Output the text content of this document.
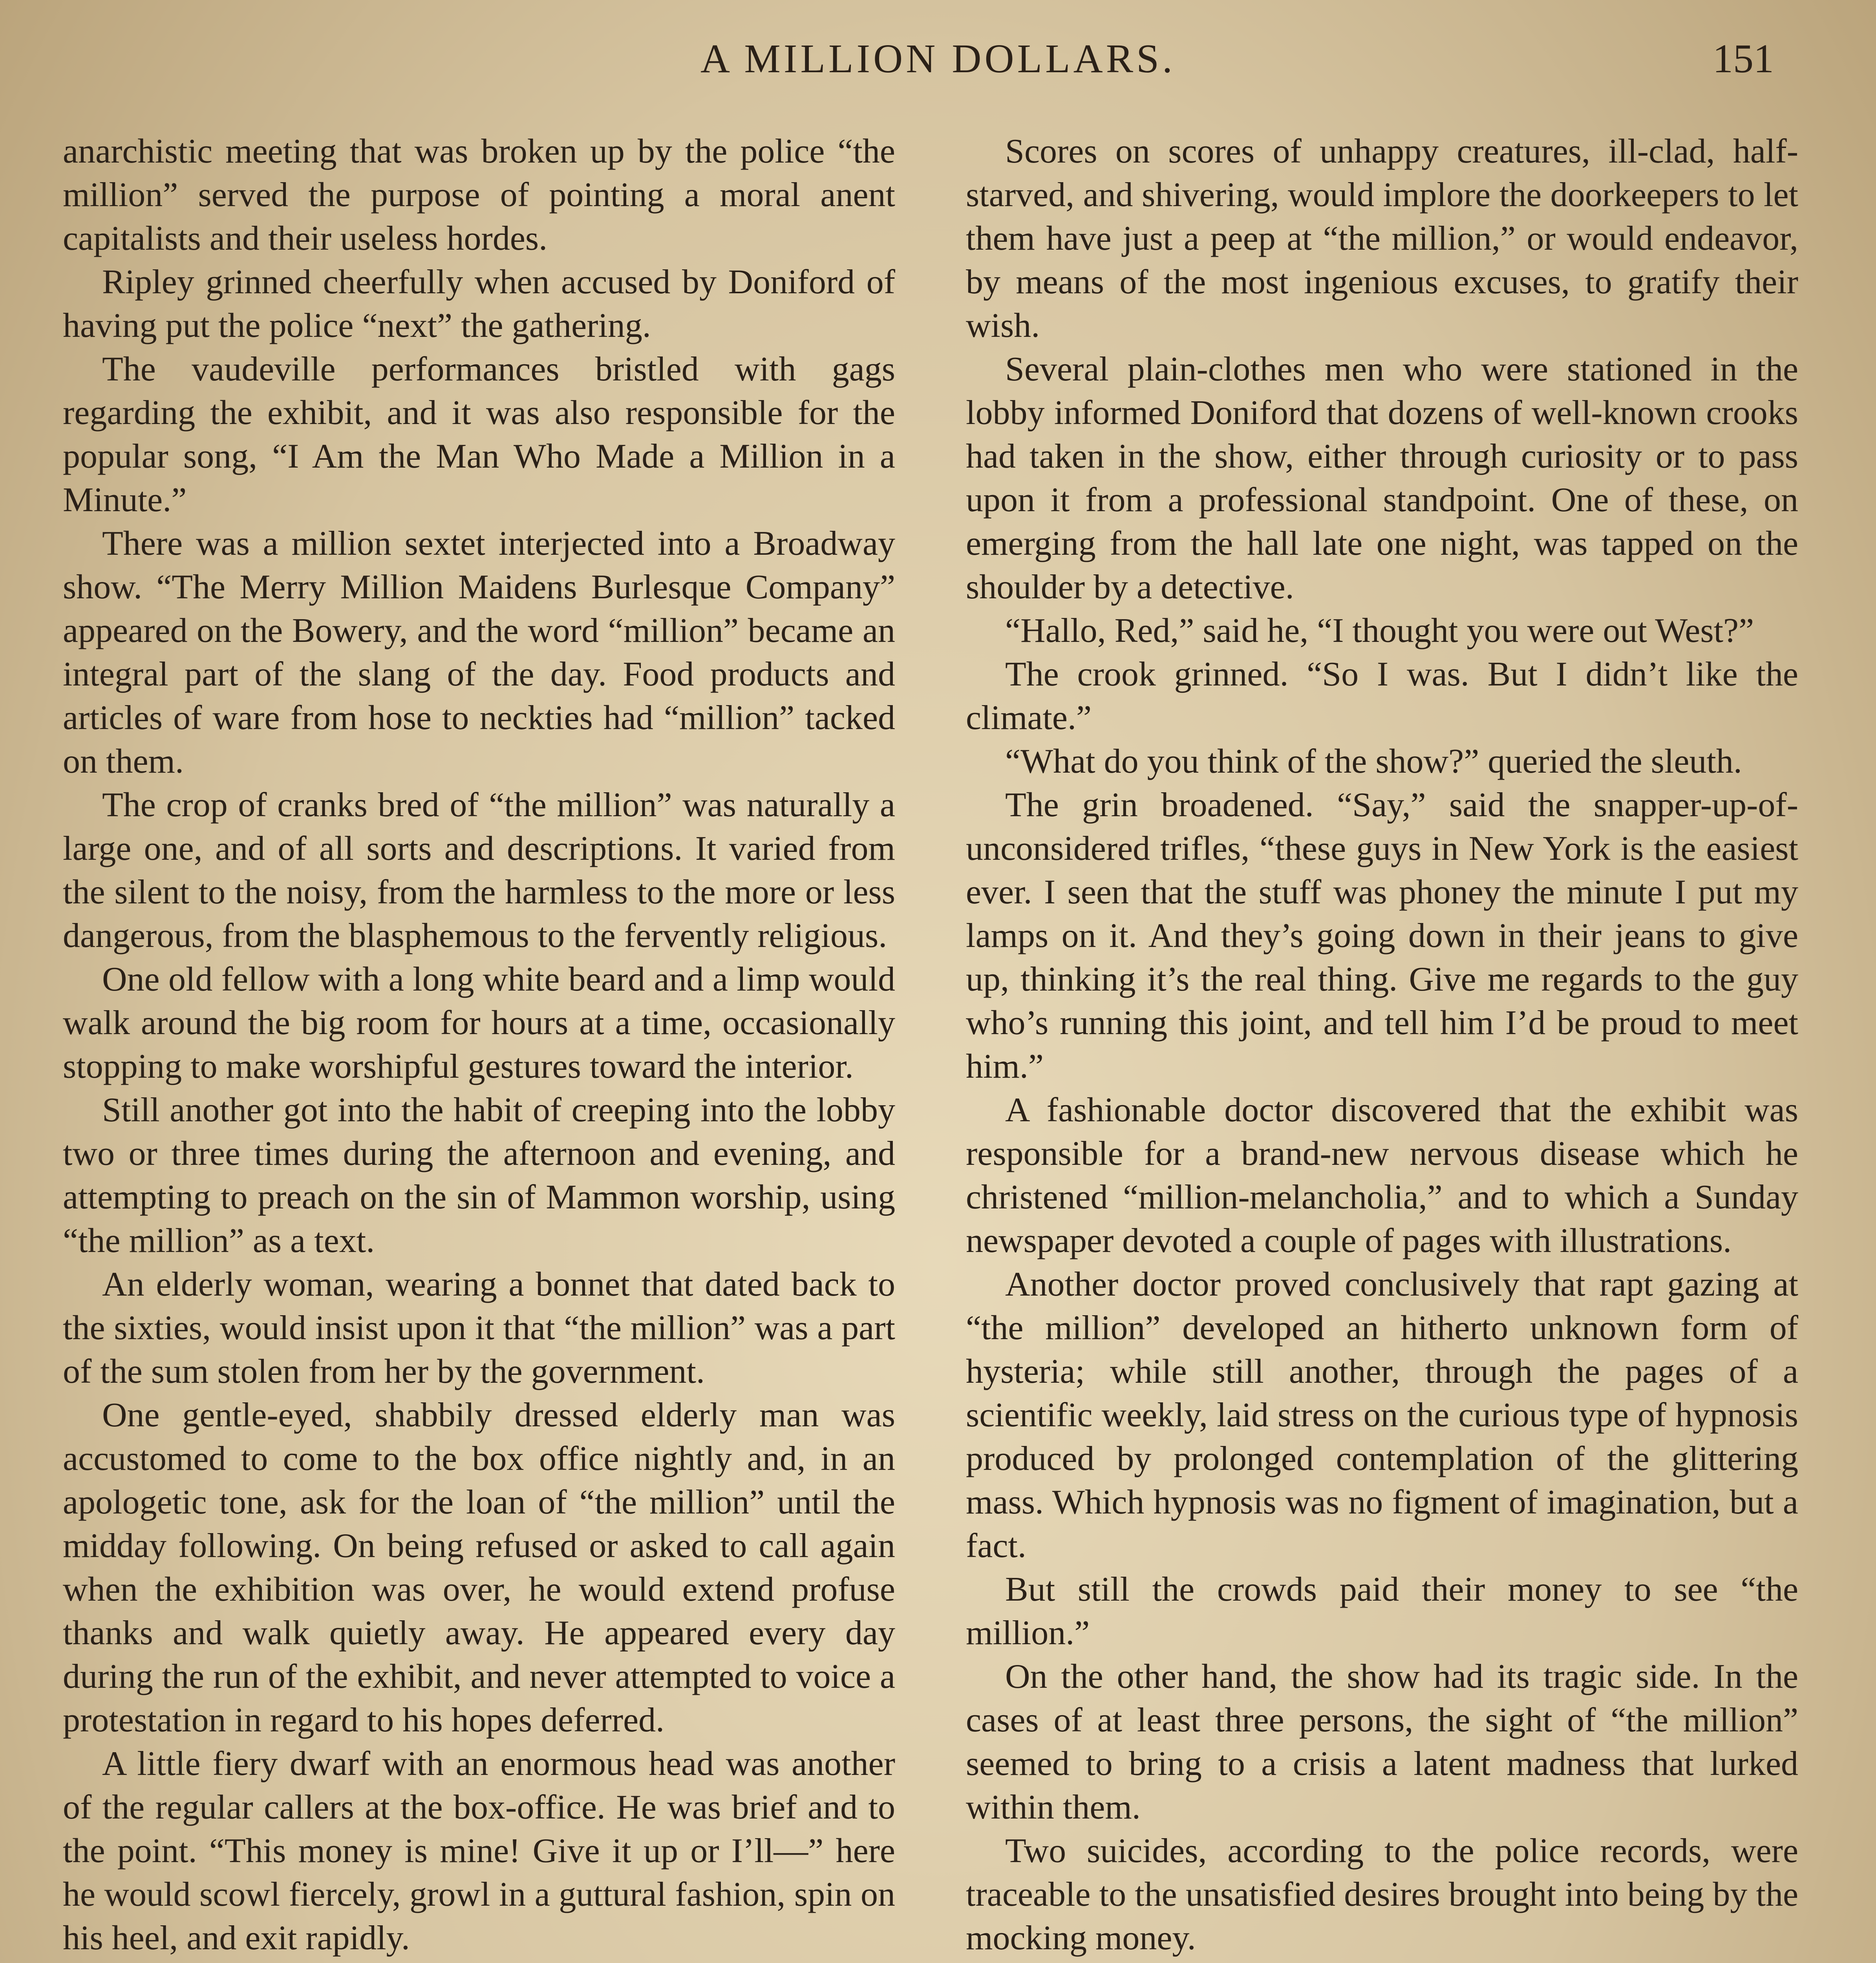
A MILLION DOLLARS.	151

anarchistic meeting that was broken up by the police “the million” served the purpose of pointing a moral anent capitalists and their useless hordes.

Ripley grinned cheerfully when accused by Doniford of having put the police “next” the gathering.

The vaudeville performances bristled with gags regarding the exhibit, and it was also responsible for the popular song, “I Am the Man Who Made a Million in a Minute.”

There was a million sextet interjected into a Broadway show. “The Merry Million Maidens Burlesque Company” appeared on the Bowery, and the word “million” became an integral part of the slang of the day. Food products and articles of ware from hose to neckties had “million” tacked on them.

The crop of cranks bred of “the million” was naturally a large one, and of all sorts and descriptions. It varied from the silent to the noisy, from the harmless to the more or less dangerous, from the blasphemous to the fervently religious.

One old fellow with a long white beard and a limp would walk around the big room for hours at a time, occasionally stopping to make worshipful gestures toward the interior.

Still another got into the habit of creeping into the lobby two or three times during the afternoon and evening, and attempting to preach on the sin of Mammon worship, using “the million” as a text.

An elderly woman, wearing a bonnet that dated back to the sixties, would insist upon it that “the million” was a part of the sum stolen from her by the government.

One gentle-eyed, shabbily dressed elderly man was accustomed to come to the box office nightly and, in an apologetic tone, ask for the loan of “the million” until the midday following. On being refused or asked to call again when the exhibition was over, he would extend profuse thanks and walk quietly away. He appeared every day during the run of the exhibit, and never attempted to voice a protestation in regard to his hopes deferred.

A little fiery dwarf with an enormous head was another of the regular callers at the box-office. He was brief and to the point. “This money is mine! Give it up or I’ll—” here he would scowl fiercely, growl in a guttural fashion, spin on his heel, and exit rapidly.

Scores on scores of unhappy creatures, ill-clad, half-starved, and shivering, would implore the doorkeepers to let them have just a peep at “the million,” or would endeavor, by means of the most ingenious excuses, to gratify their wish.

Several plain-clothes men who were stationed in the lobby informed Doniford that dozens of well-known crooks had taken in the show, either through curiosity or to pass upon it from a professional standpoint. One of these, on emerging from the hall late one night, was tapped on the shoulder by a detective.

“Hallo, Red,” said he, “I thought you were out West?”

The crook grinned. “So I was. But I didn’t like the climate.”

“What do you think of the show?” queried the sleuth.

The grin broadened. “Say,” said the snapper-up-of-unconsidered trifles, “these guys in New York is the easiest ever. I seen that the stuff was phoney the minute I put my lamps on it. And they’s going down in their jeans to give up, thinking it’s the real thing. Give me regards to the guy who’s running this joint, and tell him I’d be proud to meet him.”

A fashionable doctor discovered that the exhibit was responsible for a brand-new nervous disease which he christened “million-melancholia,” and to which a Sunday newspaper devoted a couple of pages with illustrations.

Another doctor proved conclusively that rapt gazing at “the million” developed an hitherto unknown form of hysteria; while still another, through the pages of a scientific weekly, laid stress on the curious type of hypnosis produced by prolonged contemplation of the glittering mass. Which hypnosis was no figment of imagination, but a fact.

But still the crowds paid their money to see “the million.”

On the other hand, the show had its tragic side. In the cases of at least three persons, the sight of “the million” seemed to bring to a crisis a latent madness that lurked within them.

Two suicides, according to the police records, were traceable to the unsatisfied desires brought into being by the mocking money.
